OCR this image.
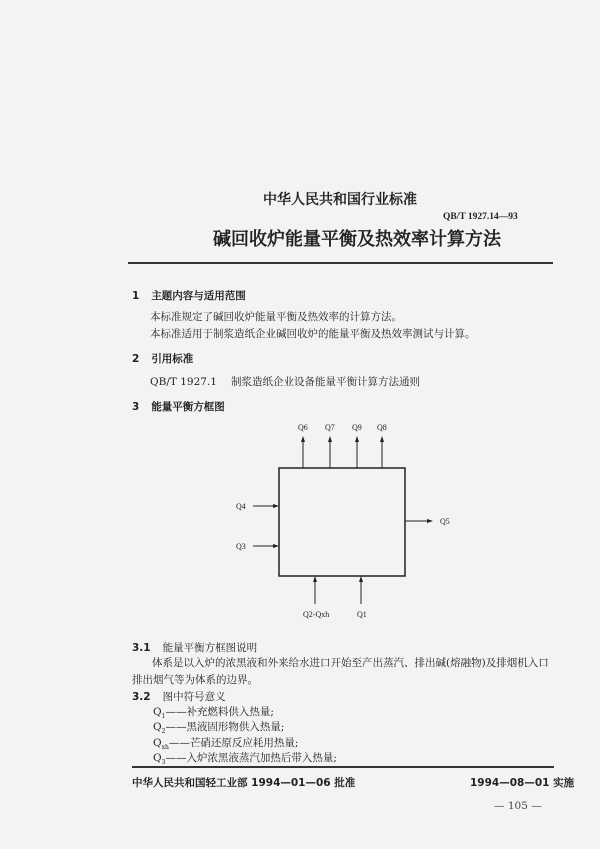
中华人民共和国行业标准
QB/T 1927.14—93
碱回收炉能量平衡及热效率计算方法
1 主题内容与适用范围
本标准规定了碱回收炉能量平衡及热效率的计算方法。
本标准适用于制浆造纸企业碱回收炉的能量平衡及热效率测试与计算。
2 引用标准
QB/T 1927.1 制浆造纸企业设备能量平衡计算方法通则
3 能量平衡方框图
Q6 Q7 Q9 Q8
Q4
Q3
Q5
Q2-Qxh	Q1
3.1 能量平衡方框图说明
体系是以入炉的浓黑液和外来给水进口开始至产出蒸汽、排出碱(熔融物)及排烟机入口
排出烟气等为体系的边界。
3.2 图中符号意义
$Q_1——$补充燃料供入热量;
$Q_2——$黑液固形物供入热量;
$Q_{xh}——$芒硝还原反应耗用热量;
$Q_3——$入炉浓黑液蒸汽加热后带入热量;
中华人民共和国轻工业部 1994—01—06 批准	1994—08—01 实施
— 105 —
